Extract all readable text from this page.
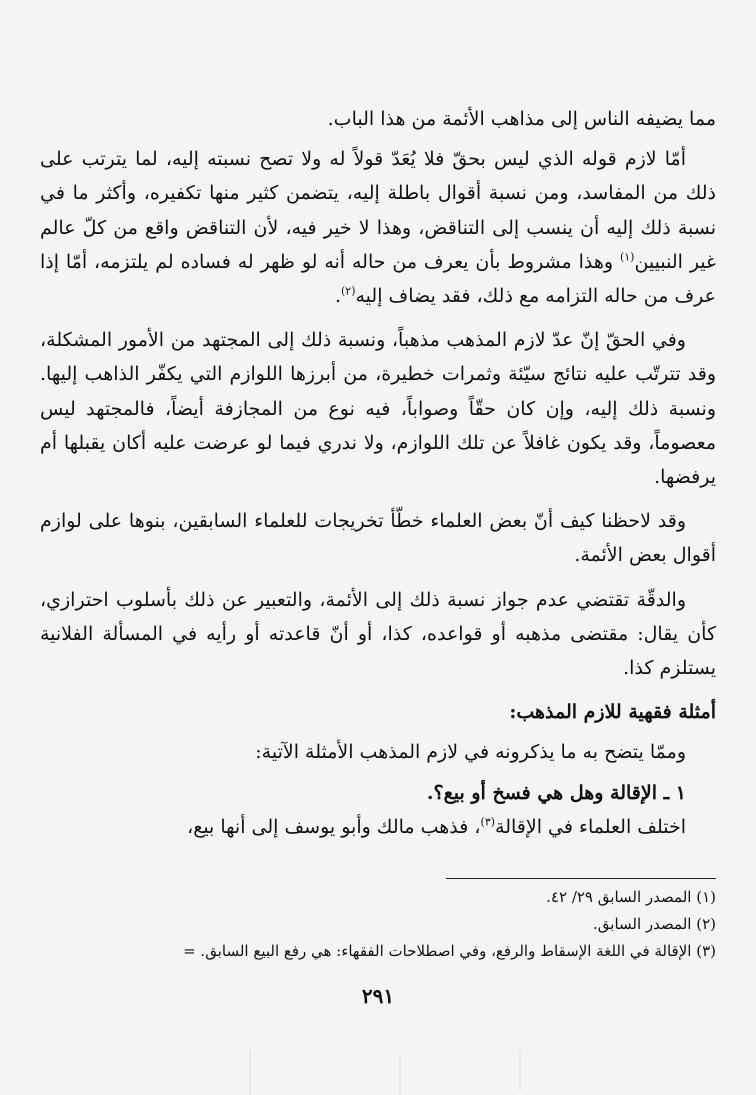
مما يضيفه الناس إلى مذاهب الأئمة من هذا الباب.

أمّا لازم قوله الذي ليس بحقّ فلا يُعَدّ قولاً له ولا تصح نسبته إليه، لما يترتب على ذلك من المفاسد، ومن نسبة أقوال باطلة إليه، يتضمن كثير منها تكفيره، وأكثر ما في نسبة ذلك إليه أن ينسب إلى التناقض، وهذا لا خير فيه، لأن التناقض واقع من كلّ عالم غير النبيين$^{(١)}$ وهذا مشروط بأن يعرف من حاله أنه لو ظهر له فساده لم يلتزمه، أمّا إذا عرف من حاله التزامه مع ذلك، فقد يضاف إليه$^{(٢)}$.

وفي الحقّ إنّ عدّ لازم المذهب مذهباً، ونسبة ذلك إلى المجتهد من الأمور المشكلة، وقد تترتّب عليه نتائج سيّئة وثمرات خطيرة، من أبرزها اللوازم التي يكفّر الذاهب إليها. ونسبة ذلك إليه، وإن كان حقّاً وصواباً، فيه نوع من المجازفة أيضاً، فالمجتهد ليس معصوماً، وقد يكون غافلاً عن تلك اللوازم، ولا ندري فيما لو عرضت عليه أكان يقبلها أم يرفضها.

وقد لاحظنا كيف أنّ بعض العلماء خطّأ تخريجات للعلماء السابقين، بنوها على لوازم أقوال بعض الأئمة.

والدقّة تقتضي عدم جواز نسبة ذلك إلى الأئمة، والتعبير عن ذلك بأسلوب احترازي، كأن يقال: مقتضى مذهبه أو قواعده، كذا، أو أنّ قاعدته أو رأيه في المسألة الفلانية يستلزم كذا.

أمثلة فقهية للازم المذهب:

وممّا يتضح به ما يذكرونه في لازم المذهب الأمثلة الآتية:

١ ـ الإقالة وهل هي فسخ أو بيع؟.

اختلف العلماء في الإقالة$^{(٣)}$، فذهب مالك وأبو يوسف إلى أنها بيع،

(١) المصدر السابق ٢٩/ ٤٢.

(٢) المصدر السابق.

(٣) الإقالة في اللغة الإسقاط والرفع، وفي اصطلاحات الفقهاء: هي رفع البيع السابق. =

٢٩١
